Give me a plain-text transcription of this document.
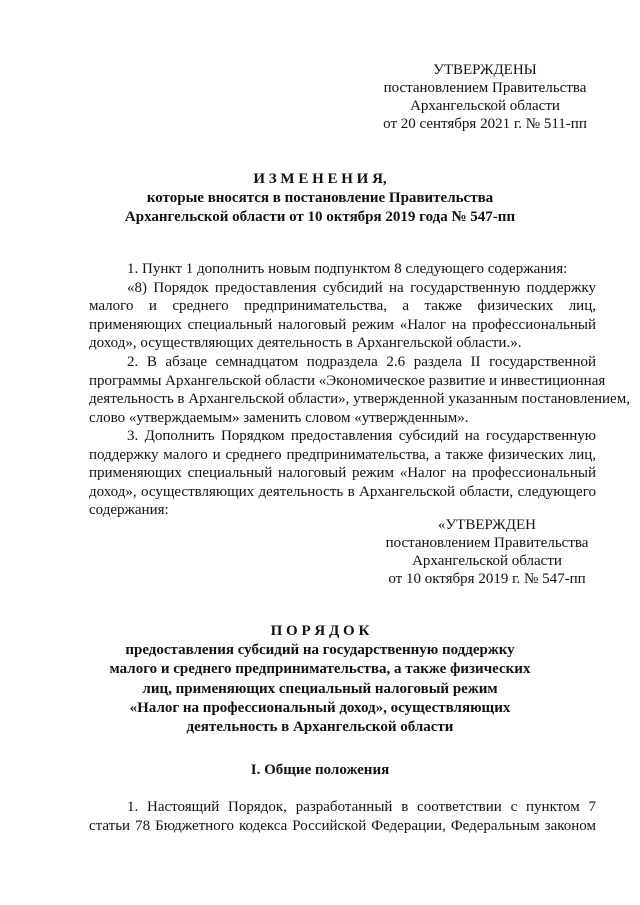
УТВЕРЖДЕНЫ
постановлением Правительства
Архангельской области
от 20 сентября 2021 г. № 511-пп
И З М Е Н Е Н И Я,
которые вносятся в постановление Правительства
Архангельской области от 10 октября 2019 года № 547-пп
1. Пункт 1 дополнить новым подпунктом 8 следующего содержания:
«8) Порядок предоставления субсидий на государственную поддержку
малого и среднего предпринимательства, а также физических лиц,
применяющих специальный налоговый режим «Налог на профессиональный
доход», осуществляющих деятельность в Архангельской области.».
2. В абзаце семнадцатом подраздела 2.6 раздела II государственной
программы Архангельской области «Экономическое развитие и инвестиционная
деятельность в Архангельской области», утвержденной указанным постановлением,
слово «утверждаемым» заменить словом «утвержденным».
3. Дополнить Порядком предоставления субсидий на государственную
поддержку малого и среднего предпринимательства, а также физических лиц,
применяющих специальный налоговый режим «Налог на профессиональный
доход», осуществляющих деятельность в Архангельской области, следующего
содержания:
«УТВЕРЖДЕН
постановлением Правительства
Архангельской области
от 10 октября 2019 г. № 547-пп
П О Р Я Д О К
предоставления субсидий на государственную поддержку
малого и среднего предпринимательства, а также физических
лиц, применяющих специальный налоговый режим
«Налог на профессиональный доход», осуществляющих
деятельность в Архангельской области
I. Общие положения
1. Настоящий Порядок, разработанный в соответствии с пунктом 7
статьи 78 Бюджетного кодекса Российской Федерации, Федеральным законом
